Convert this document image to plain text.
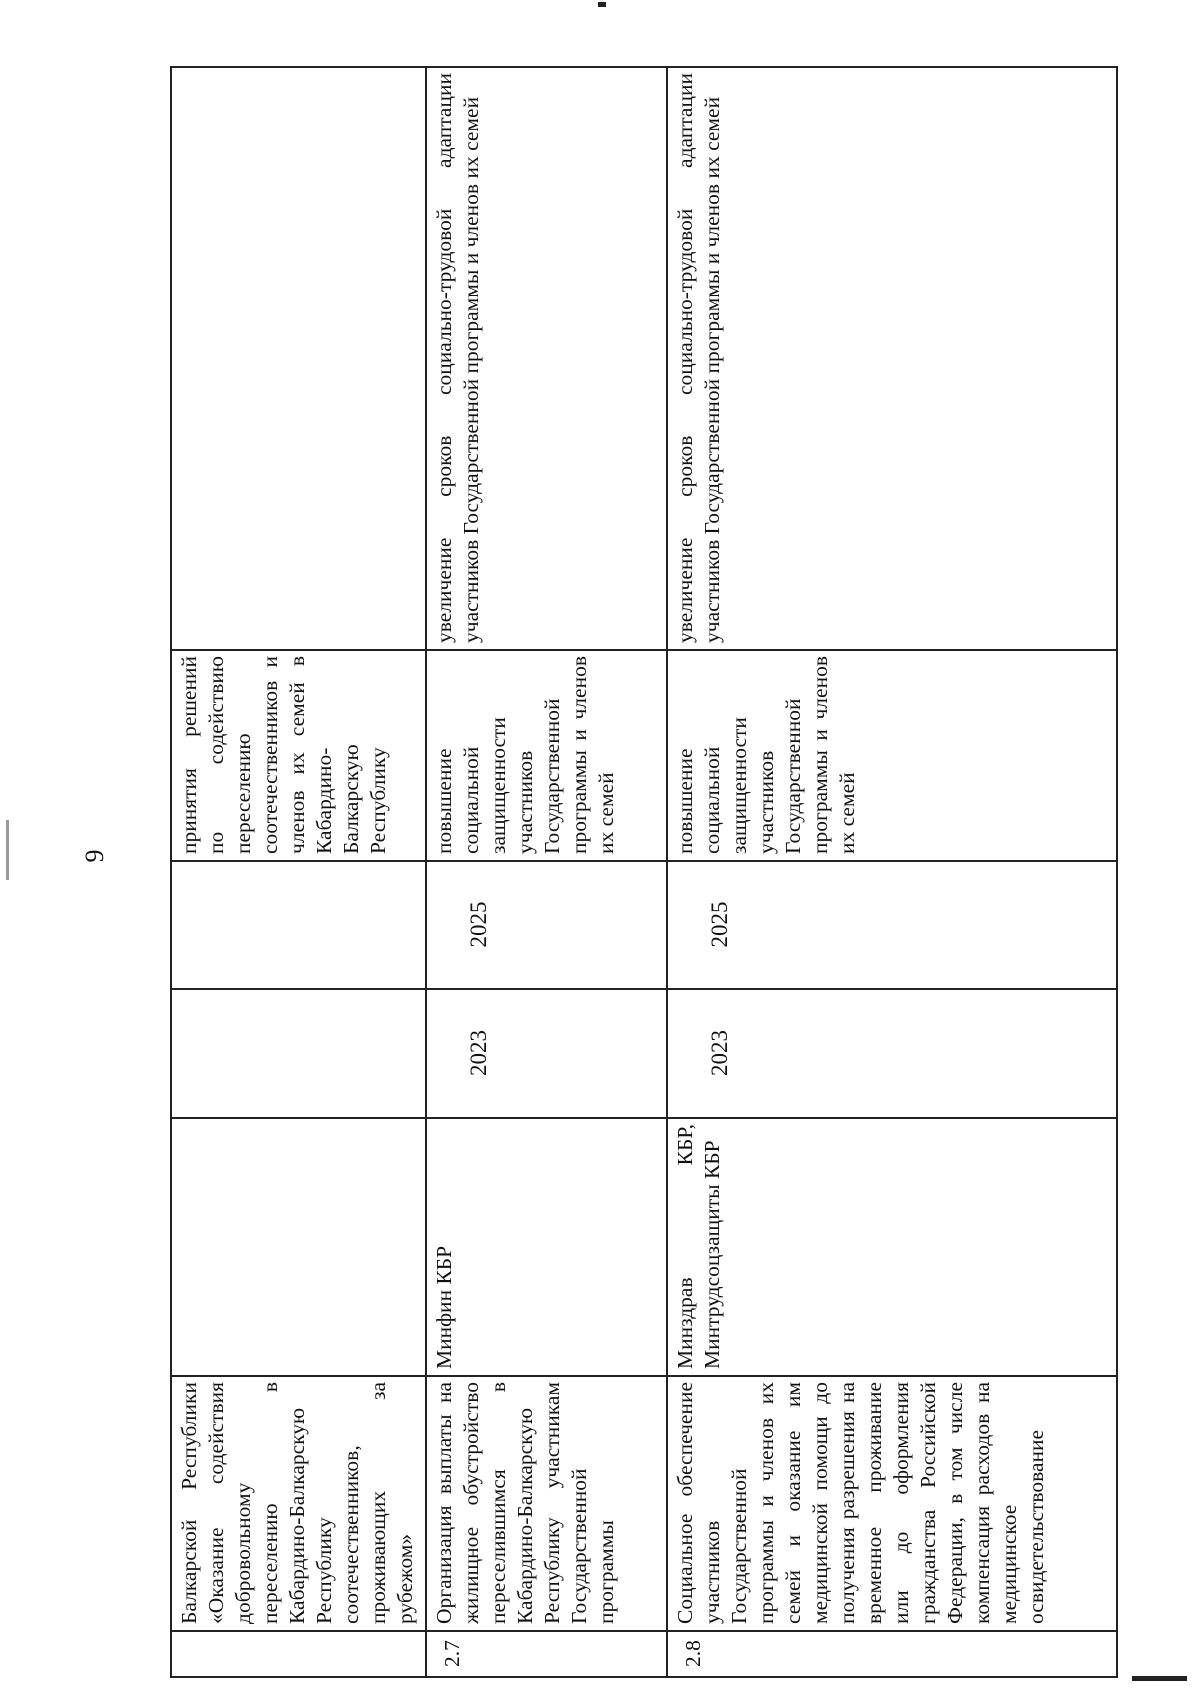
9
	Балкарской Республики «Оказание содействия добровольному переселению в Кабардино-Балкарскую Республику соотечественников, проживающих за рубежом»				принятия решений по содействию переселению соотечественников и членов их семей в Кабардино-Балкарскую Республику	
2.7	Организация выплаты на жилищное обустройство переселившимся в Кабардино-Балкарскую Республику участникам Государственной программы	Минфин КБР	2023	2025	повышение социальной защищенности участников Государственной программы и членов их семей	увеличение сроков социально-трудовой адаптации участников Государственной программы и членов их семей
2.8	Социальное обеспечение участников Государственной программы и членов их семей и оказание им медицинской помощи до получения разрешения на временное проживание или до оформления гражданства Российской Федерации, в том числе компенсация расходов на медицинское освидетельствование	Минздрав КБР, Минтрудсоцзащиты КБР	2023	2025	повышение социальной защищенности участников Государственной программы и членов их семей	увеличение сроков социально-трудовой адаптации участников Государственной программы и членов их семей
